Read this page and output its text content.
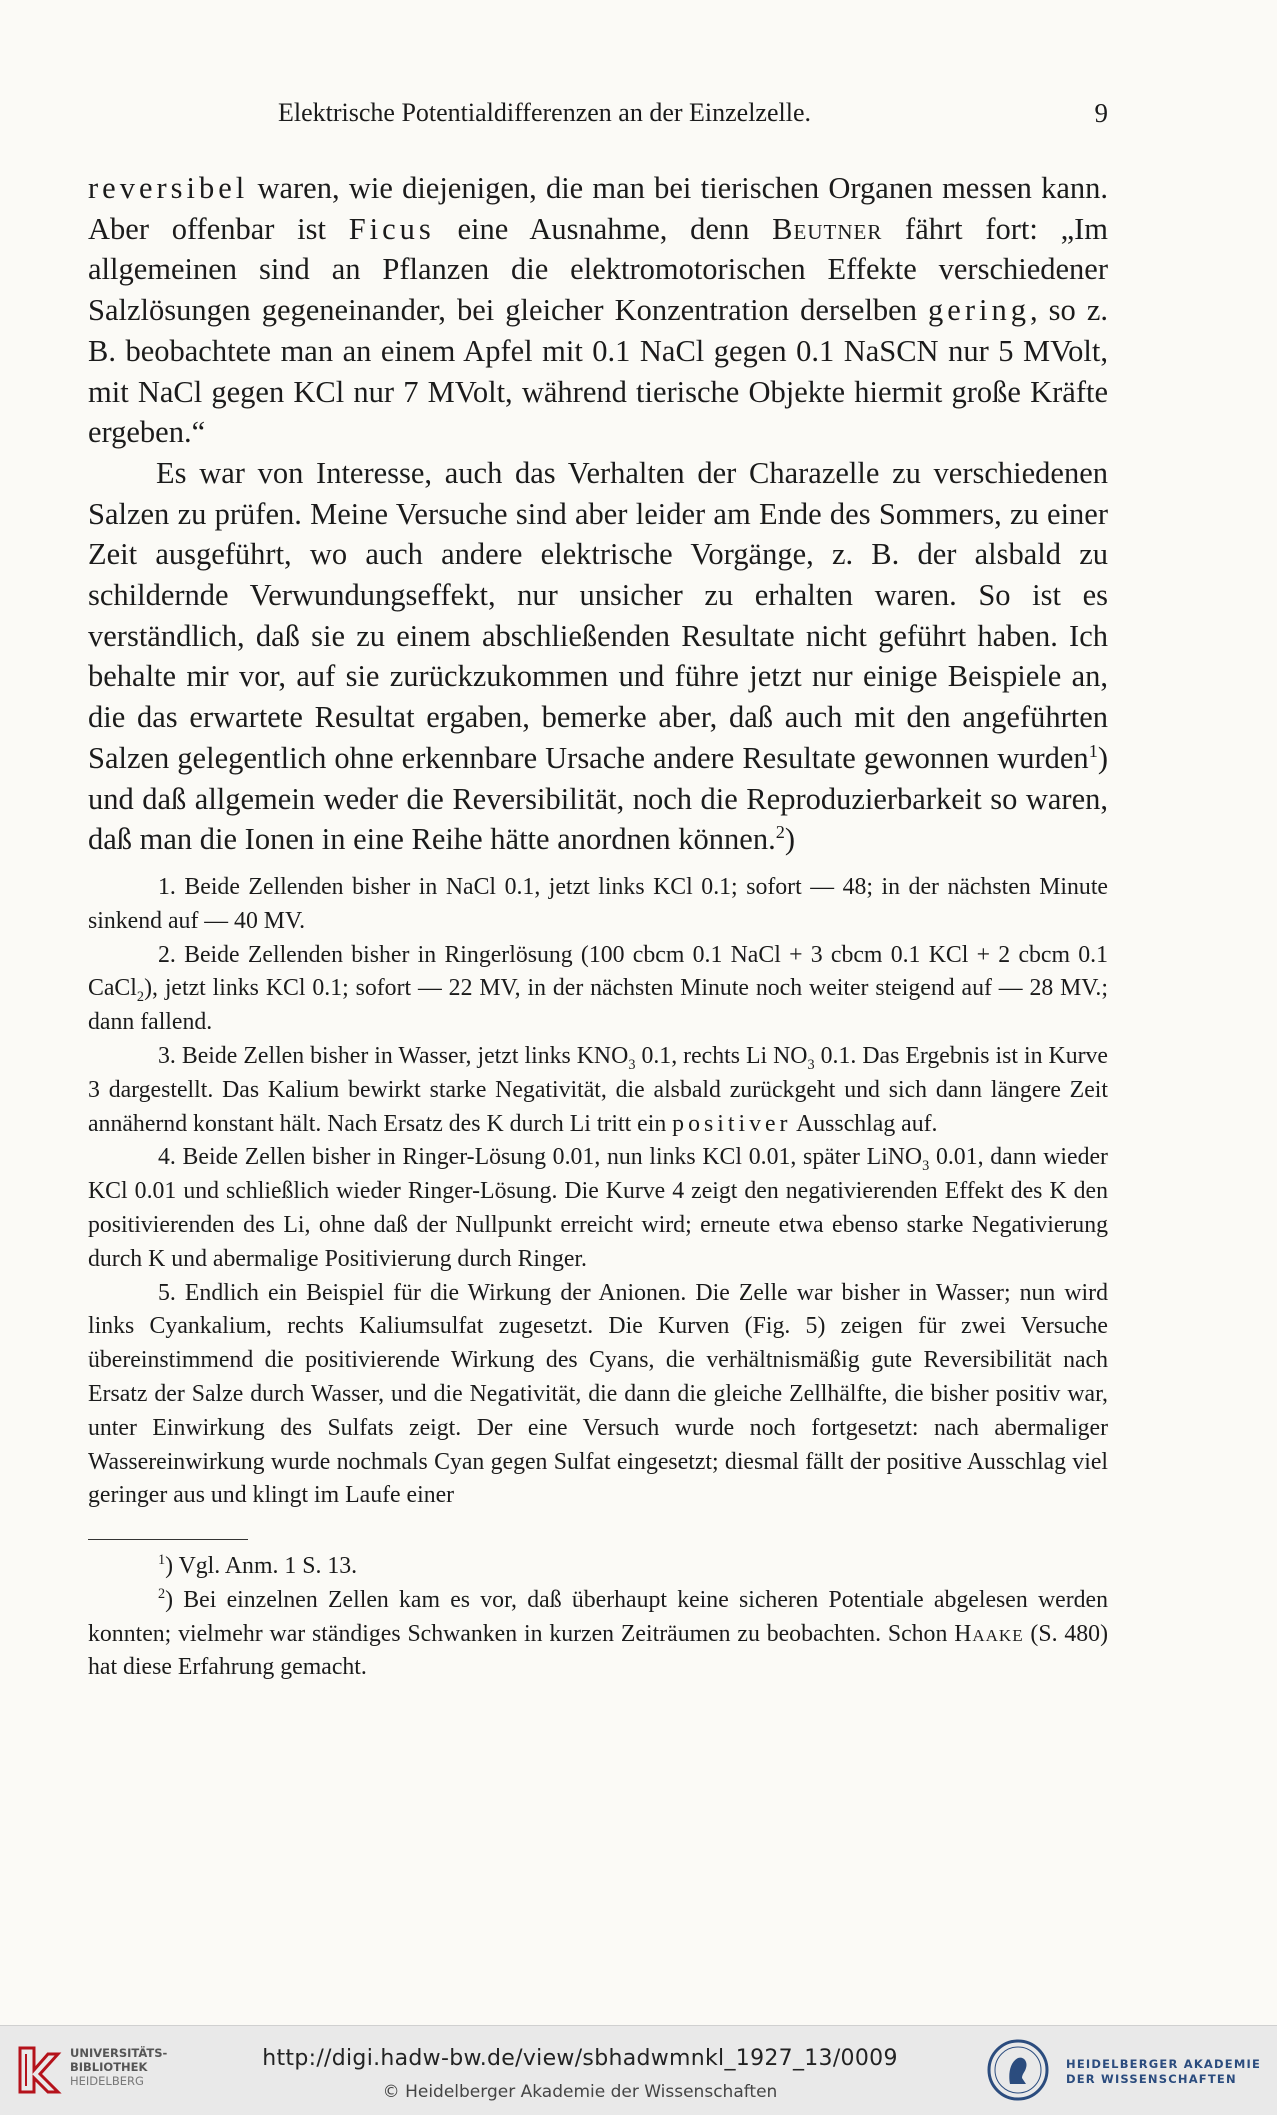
Elektrische Potentialdifferenzen an der Einzelzelle.	9

reversibel waren, wie diejenigen, die man bei tierischen Organen messen kann. Aber offenbar ist Ficus eine Ausnahme, denn Beutner fährt fort: „Im allgemeinen sind an Pflanzen die elektromotorischen Effekte verschiedener Salzlösungen gegeneinander, bei gleicher Konzentration derselben gering, so z. B. beobachtete man an einem Apfel mit 0.1 NaCl gegen 0.1 NaSCN nur 5 MVolt, mit NaCl gegen KCl nur 7 MVolt, während tierische Objekte hiermit große Kräfte ergeben.“

Es war von Interesse, auch das Verhalten der Charazelle zu verschiedenen Salzen zu prüfen. Meine Versuche sind aber leider am Ende des Sommers, zu einer Zeit ausgeführt, wo auch andere elektrische Vorgänge, z. B. der alsbald zu schildernde Verwundungseffekt, nur unsicher zu erhalten waren. So ist es verständlich, daß sie zu einem abschließenden Resultate nicht geführt haben. Ich behalte mir vor, auf sie zurückzukommen und führe jetzt nur einige Beispiele an, die das erwartete Resultat ergaben, bemerke aber, daß auch mit den angeführten Salzen gelegentlich ohne erkennbare Ursache andere Resultate gewonnen wurden$^1$) und daß allgemein weder die Reversibilität, noch die Reproduzierbarkeit so waren, daß man die Ionen in eine Reihe hätte anordnen können.$^2$)

1. Beide Zellenden bisher in NaCl 0.1, jetzt links KCl 0.1; sofort — 48; in der nächsten Minute sinkend auf — 40 MV.

2. Beide Zellenden bisher in Ringerlösung (100 cbcm 0.1 NaCl + 3 cbcm 0.1 KCl + 2 cbcm 0.1 CaCl$_2$), jetzt links KCl 0.1; sofort — 22 MV, in der nächsten Minute noch weiter steigend auf — 28 MV.; dann fallend.

3. Beide Zellen bisher in Wasser, jetzt links $KNO_3$ 0.1, rechts Li $NO_3$ 0.1. Das Ergebnis ist in Kurve 3 dargestellt. Das Kalium bewirkt starke Negativität, die alsbald zurückgeht und sich dann längere Zeit annähernd konstant hält. Nach Ersatz des K durch Li tritt ein positiver Ausschlag auf.

4. Beide Zellen bisher in Ringer-Lösung 0.01, nun links KCl 0.01, später LiNO$_3$ 0.01, dann wieder KCl 0.01 und schließlich wieder Ringer-Lösung. Die Kurve 4 zeigt den negativierenden Effekt des K den positivierenden des Li, ohne daß der Nullpunkt erreicht wird; erneute etwa ebenso starke Negativierung durch K und abermalige Positivierung durch Ringer.

5. Endlich ein Beispiel für die Wirkung der Anionen. Die Zelle war bisher in Wasser; nun wird links Cyankalium, rechts Kaliumsulfat zugesetzt. Die Kurven (Fig. 5) zeigen für zwei Versuche übereinstimmend die positivierende Wirkung des Cyans, die verhältnismäßig gute Reversibilität nach Ersatz der Salze durch Wasser, und die Negativität, die dann die gleiche Zellhälfte, die bisher positiv war, unter Einwirkung des Sulfats zeigt. Der eine Versuch wurde noch fortgesetzt: nach abermaliger Wassereinwirkung wurde nochmals Cyan gegen Sulfat eingesetzt; diesmal fällt der positive Ausschlag viel geringer aus und klingt im Laufe einer

$^1$) Vgl. Anm. 1 S. 13.

$^2$) Bei einzelnen Zellen kam es vor, daß überhaupt keine sicheren Potentiale abgelesen werden konnten; vielmehr war ständiges Schwanken in kurzen Zeiträumen zu beobachten. Schon Haake (S. 480) hat diese Erfahrung gemacht.

UNIVERSITÄTS-
BIBLIOTHEK
HEIDELBERG
http://digi.hadw-bw.de/view/sbhadwmnkl_1927_13/0009
© Heidelberger Akademie der Wissenschaften
HEIDELBERGER AKADEMIE
DER WISSENSCHAFTEN
